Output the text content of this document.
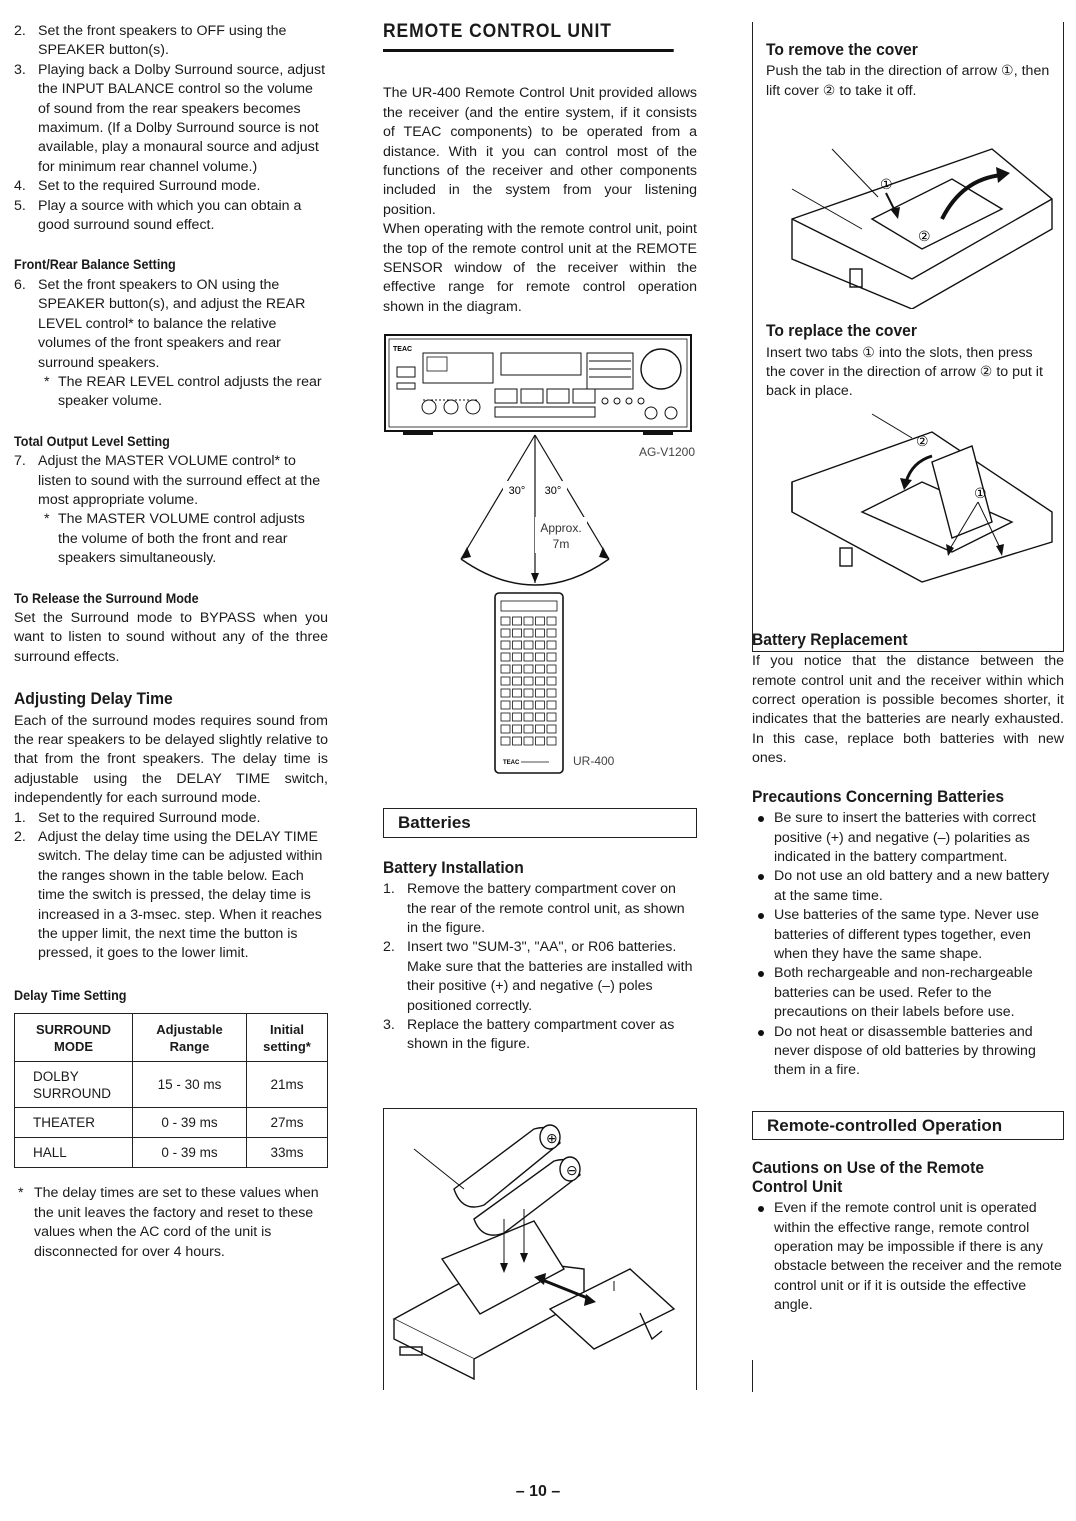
2. Set the front speakers to OFF using the SPEAKER button(s).
3. Playing back a Dolby Surround source, adjust the INPUT BALANCE control so the volume of sound from the rear speakers becomes maximum. (If a Dolby Surround source is not available, play a monaural source and adjust for minimum rear channel volume.)
4. Set to the required Surround mode.
5. Play a source with which you can obtain a good surround sound effect.
Front/Rear Balance Setting
6. Set the front speakers to ON using the SPEAKER button(s), and adjust the REAR LEVEL control* to balance the relative volumes of the front speakers and rear surround speakers.
* The REAR LEVEL control adjusts the rear speaker volume.
Total Output Level Setting
7. Adjust the MASTER VOLUME control* to listen to sound with the surround effect at the most appropriate volume.
* The MASTER VOLUME control adjusts the volume of both the front and rear speakers simultaneously.
To Release the Surround Mode

Set the Surround mode to BYPASS when you want to listen to sound without any of the three surround effects.

Adjusting Delay Time

Each of the surround modes requires sound from the rear speakers to be delayed slightly relative to that from the front speakers. The delay time is adjustable using the DELAY TIME switch, independently for each surround mode.

1. Set to the required Surround mode.
2. Adjust the delay time using the DELAY TIME switch. The delay time can be adjusted within the ranges shown in the table below. Each time the switch is pressed, the delay time is increased in a 3-msec. step. When it reaches the upper limit, the next time the button is pressed, it goes to the lower limit.
Delay Time Setting
SURROUND MODE	Adjustable Range	Initial setting*
DOLBY SURROUND	15 - 30 ms	21ms
THEATER	0 - 39 ms	27ms
HALL	0 - 39 ms	33ms
* The delay times are set to these values when the unit leaves the factory and reset to these values when the AC cord of the unit is disconnected for over 4 hours.
REMOTE CONTROL UNIT

The UR-400 Remote Control Unit provided allows the receiver (and the entire system, if it consists of TEAC components) to be operated from a distance. With it you can control most of the functions of the receiver and other components included in the system from your listening position.

When operating with the remote control unit, point the top of the remote control unit at the REMOTE SENSOR window of the receiver within the effective range for remote control operation shown in the diagram.

TEAC
AG-V1200
30° 30°
Approx.
7m
TEAC	UR-400
Batteries
Battery Installation
1. Remove the battery compartment cover on the rear of the remote control unit, as shown in the figure.
2. Insert two "SUM-3", "AA", or R06 batteries.
Make sure that the batteries are installed with their positive (+) and negative (–) poles positioned correctly.
3. Replace the battery compartment cover as shown in the figure.
⊕
⊖
To remove the cover

Push the tab in the direction of arrow ①, then lift cover ② to take it off.

①
②
To replace the cover

Insert two tabs ① into the slots, then press the cover in the direction of arrow ② to put it back in place.

②
①
Battery Replacement

If you notice that the distance between the remote control unit and the receiver within which correct operation is possible becomes shorter, it indicates that the batteries are nearly exhausted. In this case, replace both batteries with new ones.

Precautions Concerning Batteries
Be sure to insert the batteries with correct positive (+) and negative (–) polarities as indicated in the battery compartment.
Do not use an old battery and a new battery at the same time.
Use batteries of the same type. Never use batteries of different types together, even when they have the same shape.
Both rechargeable and non-rechargeable batteries can be used. Refer to the precautions on their labels before use.
Do not heat or disassemble batteries and never dispose of old batteries by throwing them in a fire.
Remote-controlled Operation
Cautions on Use of the Remote Control Unit
Even if the remote control unit is operated within the effective range, remote control operation may be impossible if there is any obstacle between the receiver and the remote control unit or if it is outside the effective angle.
– 10 –
